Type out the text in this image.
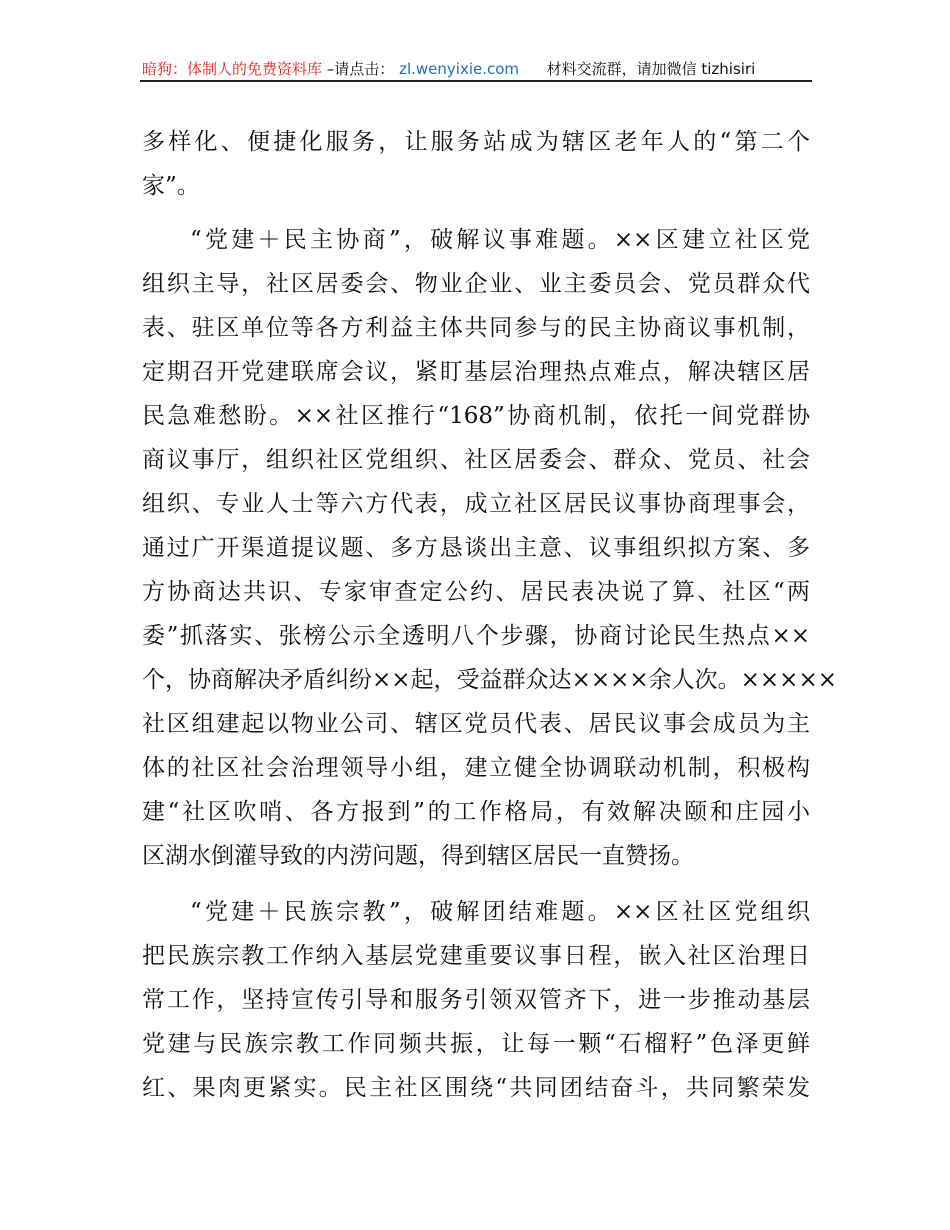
暗狗：体制人的免费资料库 –请点击： zl.wenyixie.com 材料交流群，请加微信 tizhisiri
多样化、便捷化服务，让服务站成为辖区老年人的“第二个
家”。
“党建＋民主协商”，破解议事难题。××区建立社区党
组织主导，社区居委会、物业企业、业主委员会、党员群众代
表、驻区单位等各方利益主体共同参与的民主协商议事机制，
定期召开党建联席会议，紧盯基层治理热点难点，解决辖区居
民急难愁盼。××社区推行“168”协商机制，依托一间党群协
商议事厅，组织社区党组织、社区居委会、群众、党员、社会
组织、专业人士等六方代表，成立社区居民议事协商理事会，
通过广开渠道提议题、多方恳谈出主意、议事组织拟方案、多
方协商达共识、专家审查定公约、居民表决说了算、社区“两
委”抓落实、张榜公示全透明八个步骤，协商讨论民生热点××
个，协商解决矛盾纠纷××起，受益群众达××××余人次。×××××
社区组建起以物业公司、辖区党员代表、居民议事会成员为主
体的社区社会治理领导小组，建立健全协调联动机制，积极构
建“社区吹哨、各方报到”的工作格局，有效解决颐和庄园小
区湖水倒灌导致的内涝问题，得到辖区居民一直赞扬。
“党建＋民族宗教”，破解团结难题。××区社区党组织
把民族宗教工作纳入基层党建重要议事日程，嵌入社区治理日
常工作，坚持宣传引导和服务引领双管齐下，进一步推动基层
党建与民族宗教工作同频共振，让每一颗“石榴籽”色泽更鲜
红、果肉更紧实。民主社区围绕“共同团结奋斗，共同繁荣发
